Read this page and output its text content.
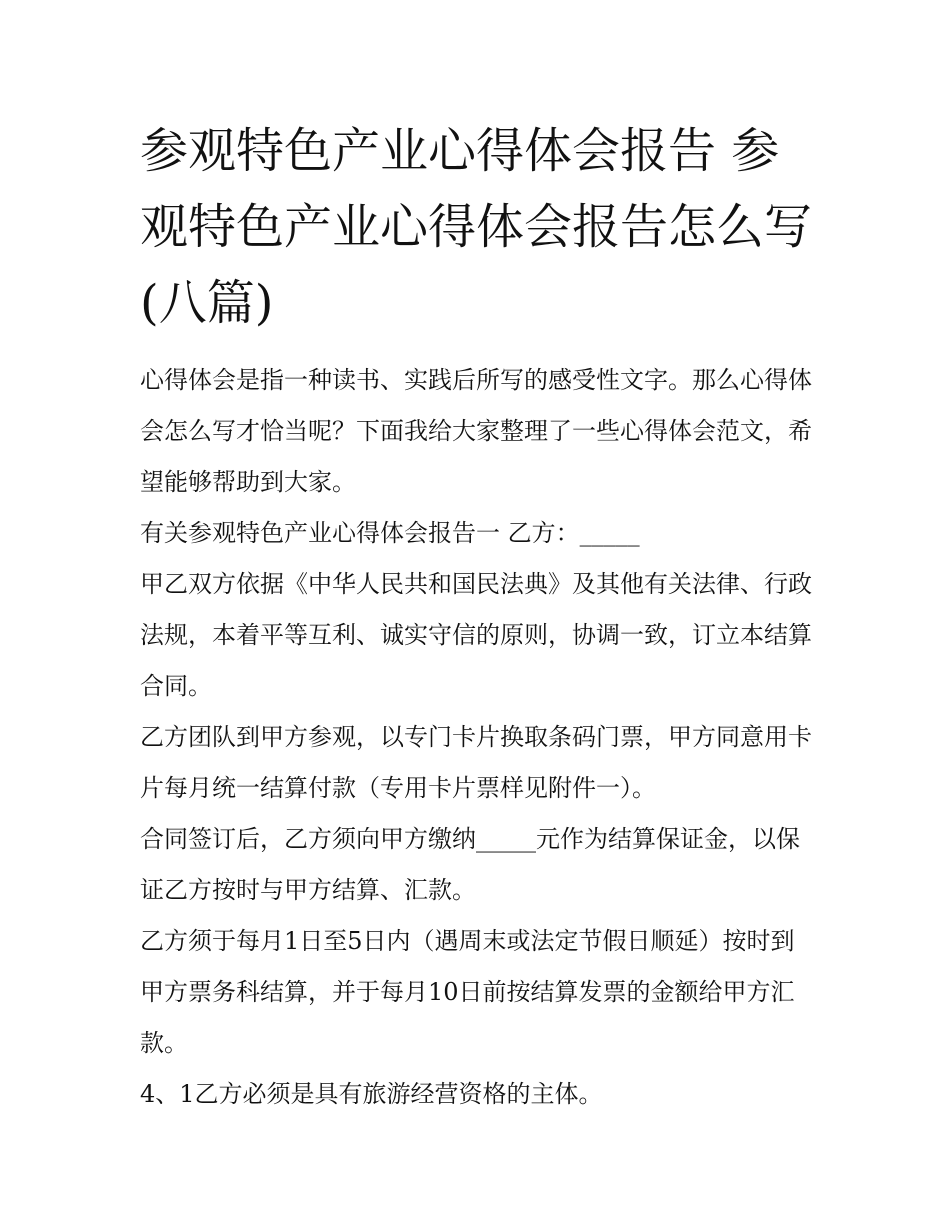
参观特色产业心得体会报告 参观特色产业心得体会报告怎么写(八篇)

心得体会是指一种读书、实践后所写的感受性文字。那么心得体会怎么写才恰当呢？下面我给大家整理了一些心得体会范文，希望能够帮助到大家。

有关参观特色产业心得体会报告一 乙方：_____

甲乙双方依据《中华人民共和国民法典》及其他有关法律、行政法规，本着平等互利、诚实守信的原则，协调一致，订立本结算合同。

乙方团队到甲方参观，以专门卡片换取条码门票，甲方同意用卡片每月统一结算付款（专用卡片票样见附件一）。

合同签订后，乙方须向甲方缴纳_____元作为结算保证金，以保证乙方按时与甲方结算、汇款。

乙方须于每月1日至5日内（遇周末或法定节假日顺延）按时到甲方票务科结算，并于每月10日前按结算发票的金额给甲方汇款。

4、1乙方必须是具有旅游经营资格的主体。
